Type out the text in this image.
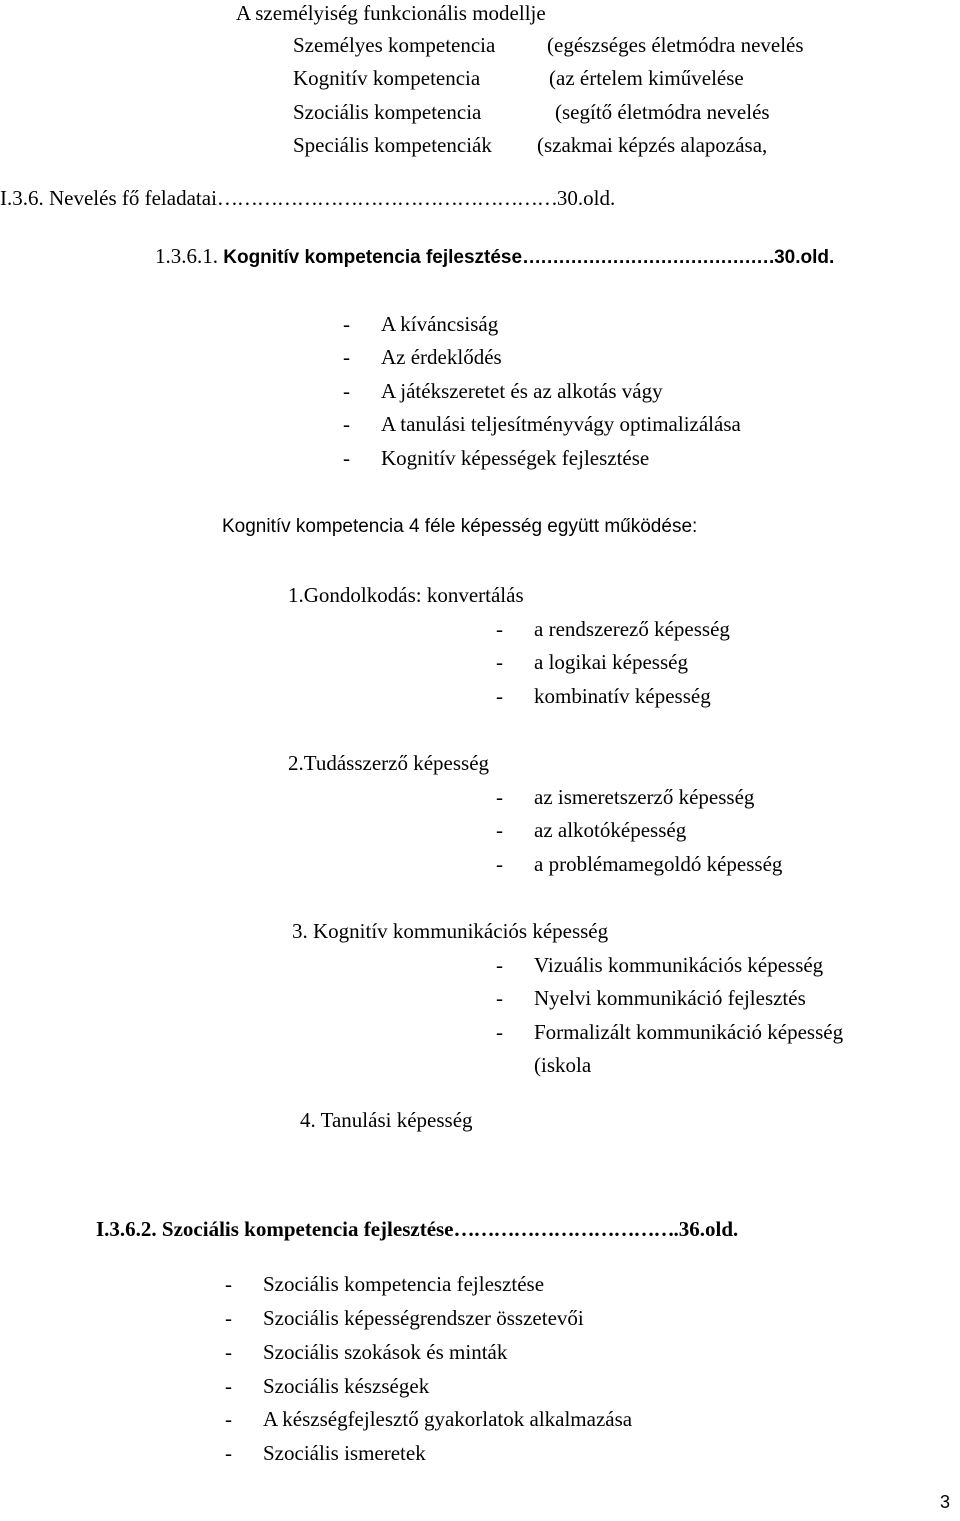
A személyiség funkcionális modellje
Személyes kompetencia (egészséges életmódra nevelés
Kognitív kompetencia	(az értelem kiművelése
Szociális kompetencia	(segítő életmódra nevelés
Speciális kompetenciák (szakmai képzés alapozása,
I.3.6. Nevelés fő feladatai……………………………………………30.old.
1.3.6.1. Kognitív kompetencia fejlesztése……………………………………30.old.
- A kíváncsiság
- Az érdeklődés
- A játékszeretet és az alkotás vágy
- A tanulási teljesítményvágy optimalizálása
- Kognitív képességek fejlesztése
Kognitív kompetencia 4 féle képesség együtt működése:
1.Gondolkodás: konvertálás
- a rendszerező képesség
- a logikai képesség
- kombinatív képesség
2.Tudásszerző képesség
- az ismeretszerző képesség
- az alkotóképesség
- a problémamegoldó képesség
3. Kognitív kommunikációs képesség
- Vizuális kommunikációs képesség
- Nyelvi kommunikáció fejlesztés
- Formalizált kommunikáció képesség
(iskola
4. Tanulási képesség
I.3.6.2. Szociális kompetencia fejlesztése…………………………….36.old.
- Szociális kompetencia fejlesztése
- Szociális képességrendszer összetevői
- Szociális szokások és minták
- Szociális készségek
- A készségfejlesztő gyakorlatok alkalmazása
- Szociális ismeretek
3
